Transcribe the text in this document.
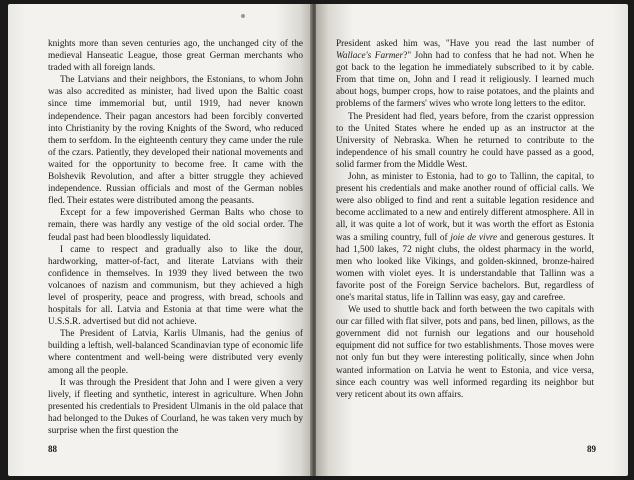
knights more than seven centuries ago, the unchanged city of the medieval Hanseatic League, those great German merchants who traded with all foreign lands.

The Latvians and their neighbors, the Estonians, to whom John was also accredited as minister, had lived upon the Baltic coast since time immemorial but, until 1919, had never known independence. Their pagan ancestors had been forcibly converted into Christianity by the roving Knights of the Sword, who reduced them to serfdom. In the eighteenth century they came under the rule of the czars. Patiently, they developed their national movements and waited for the opportunity to become free. It came with the Bolshevik Revolution, and after a bitter struggle they achieved independence. Russian officials and most of the German nobles fled. Their estates were distributed among the peasants.

Except for a few impoverished German Balts who chose to remain, there was hardly any vestige of the old social order. The feudal past had been bloodlessly liquidated.

I came to respect and gradually also to like the dour, hardworking, matter-of-fact, and literate Latvians with their confidence in themselves. In 1939 they lived between the two volcanoes of nazism and communism, but they achieved a high level of prosperity, peace and progress, with bread, schools and hospitals for all. Latvia and Estonia at that time were what the U.S.S.R. advertised but did not achieve.

The President of Latvia, Karlis Ulmanis, had the genius of building a leftish, well-balanced Scandinavian type of economic life where contentment and well-being were distributed very evenly among all the people.

It was through the President that John and I were given a very lively, if fleeting and synthetic, interest in agriculture. When John presented his credentials to President Ulmanis in the old palace that had belonged to the Dukes of Courland, he was taken very much by surprise when the first question the

88

President asked him was, "Have you read the last number of Wallace's Farmer?" John had to confess that he had not. When he got back to the legation he immediately subscribed to it by cable. From that time on, John and I read it religiously. I learned much about hogs, bumper crops, how to raise potatoes, and the plaints and problems of the farmers' wives who wrote long letters to the editor.

The President had fled, years before, from the czarist oppression to the United States where he ended up as an instructor at the University of Nebraska. When he returned to contribute to the independence of his small country he could have passed as a good, solid farmer from the Middle West.

John, as minister to Estonia, had to go to Tallinn, the capital, to present his credentials and make another round of official calls. We were also obliged to find and rent a suitable legation residence and become acclimated to a new and entirely different atmosphere. All in all, it was quite a lot of work, but it was worth the effort as Estonia was a smiling country, full of joie de vivre and generous gestures. It had 1,500 lakes, 72 night clubs, the oldest pharmacy in the world, men who looked like Vikings, and golden-skinned, bronze-haired women with violet eyes. It is understandable that Tallinn was a favorite post of the Foreign Service bachelors. But, regardless of one's marital status, life in Tallinn was easy, gay and carefree.

We used to shuttle back and forth between the two capitals with our car filled with flat silver, pots and pans, bed linen, pillows, as the government did not furnish our legations and our household equipment did not suffice for two establishments. Those moves were not only fun but they were interesting politically, since when John wanted information on Latvia he went to Estonia, and vice versa, since each country was well informed regarding its neighbor but very reticent about its own affairs.

89
